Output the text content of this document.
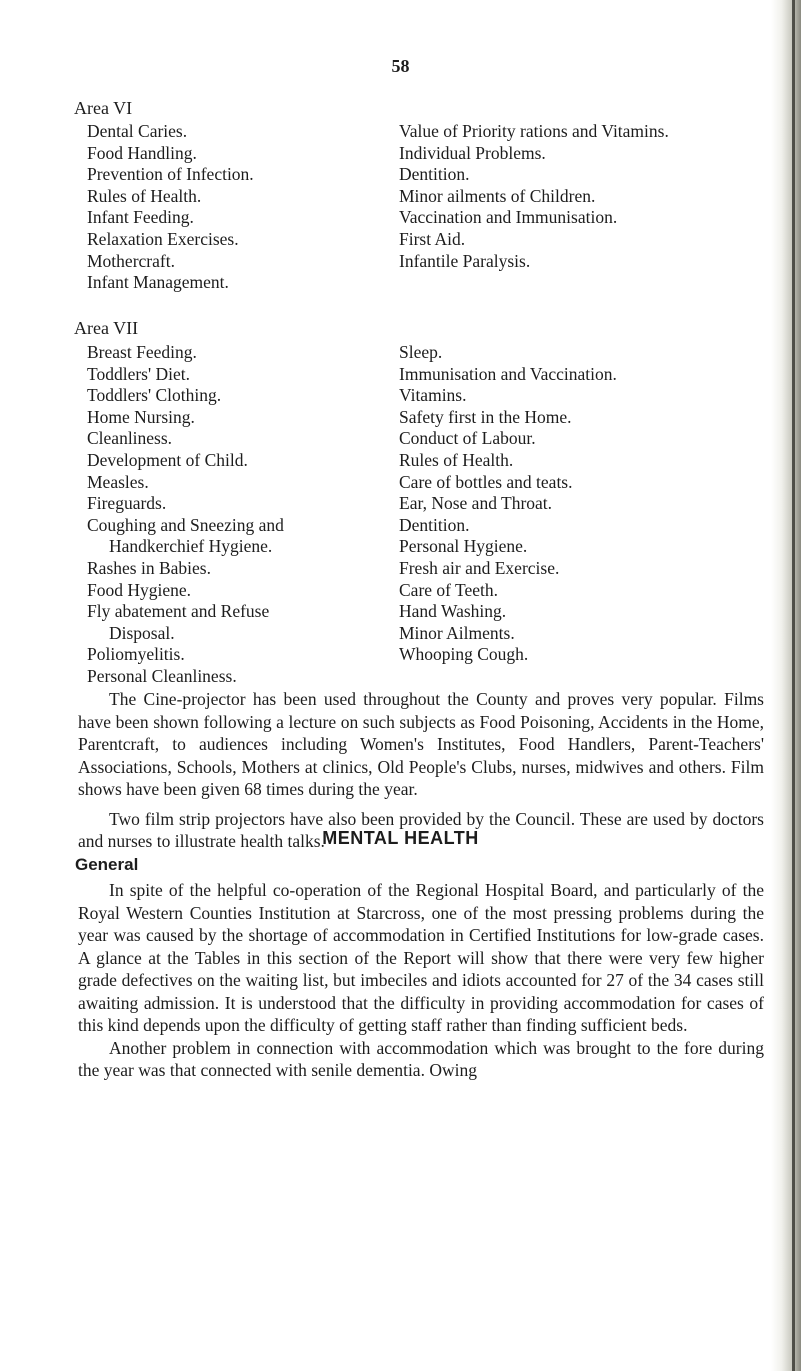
58
Area VI
Dental Caries.
Food Handling.
Prevention of Infection.
Rules of Health.
Infant Feeding.
Relaxation Exercises.
Mothercraft.
Infant Management.
Value of Priority rations and Vitamins.
Individual Problems.
Dentition.
Minor ailments of Children.
Vaccination and Immunisation.
First Aid.
Infantile Paralysis.
Area VII
Breast Feeding.
Toddlers' Diet.
Toddlers' Clothing.
Home Nursing.
Cleanliness.
Development of Child.
Measles.
Fireguards.
Coughing and Sneezing and
Handkerchief Hygiene.
Rashes in Babies.
Food Hygiene.
Fly abatement and Refuse
Disposal.
Poliomyelitis.
Personal Cleanliness.
Sleep.
Immunisation and Vaccination.
Vitamins.
Safety first in the Home.
Conduct of Labour.
Rules of Health.
Care of bottles and teats.
Ear, Nose and Throat.
Dentition.
Personal Hygiene.
Fresh air and Exercise.
Care of Teeth.
Hand Washing.
Minor Ailments.
Whooping Cough.

The Cine-projector has been used throughout the County and proves very popular. Films have been shown following a lecture on such subjects as Food Poisoning, Accidents in the Home, Parentcraft, to audiences including Women's Institutes, Food Handlers, Parent-Teachers' Associations, Schools, Mothers at clinics, Old People's Clubs, nurses, midwives and others. Film shows have been given 68 times during the year.

Two film strip projectors have also been provided by the Council. These are used by doctors and nurses to illustrate health talks.

MENTAL HEALTH
General

In spite of the helpful co-operation of the Regional Hospital Board, and particularly of the Royal Western Counties Institution at Starcross, one of the most pressing problems during the year was caused by the shortage of accommodation in Certified Institutions for low-grade cases. A glance at the Tables in this section of the Report will show that there were very few higher grade defectives on the waiting list, but imbeciles and idiots accounted for 27 of the 34 cases still awaiting admission. It is understood that the difficulty in providing accommodation for cases of this kind depends upon the difficulty of getting staff rather than finding sufficient beds.

Another problem in connection with accommodation which was brought to the fore during the year was that connected with senile dementia. Owing
